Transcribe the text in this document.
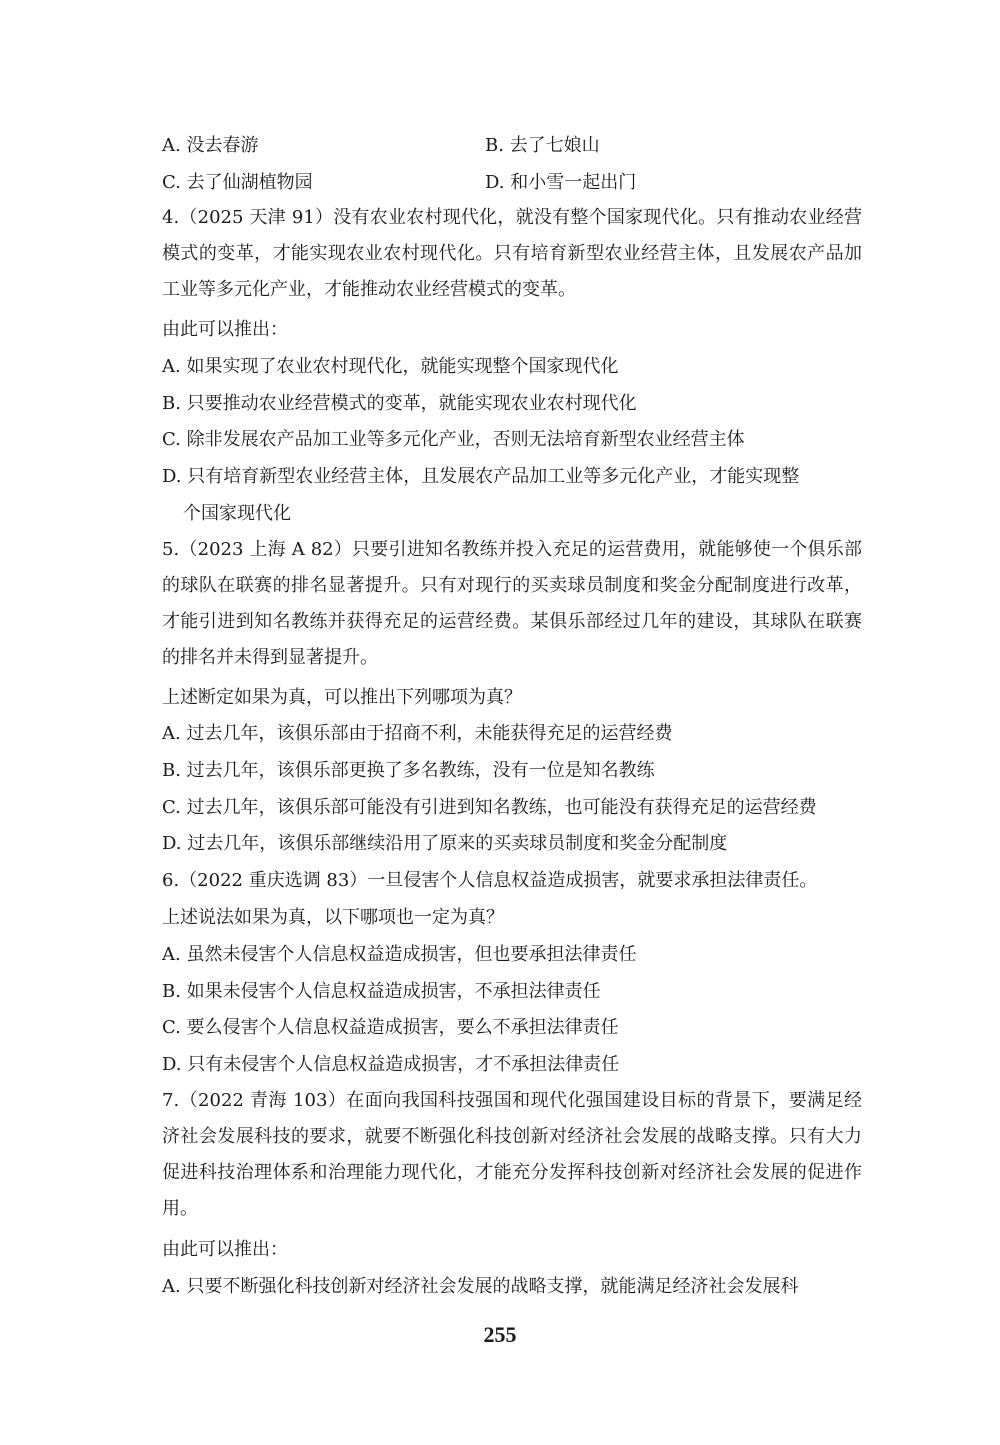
A. 没去春游	B. 去了七娘山
C. 去了仙湖植物园	D. 和小雪一起出门
4.（2025 天津 91）没有农业农村现代化，就没有整个国家现代化。只有推动农业经营模式的变革，才能实现农业农村现代化。只有培育新型农业经营主体，且发展农产品加工业等多元化产业，才能推动农业经营模式的变革。
由此可以推出：
A. 如果实现了农业农村现代化，就能实现整个国家现代化
B. 只要推动农业经营模式的变革，就能实现农业农村现代化
C. 除非发展农产品加工业等多元化产业，否则无法培育新型农业经营主体
D. 只有培育新型农业经营主体，且发展农产品加工业等多元化产业，才能实现整
个国家现代化
5.（2023 上海 A 82）只要引进知名教练并投入充足的运营费用，就能够使一个俱乐部的球队在联赛的排名显著提升。只有对现行的买卖球员制度和奖金分配制度进行改革，才能引进到知名教练并获得充足的运营经费。某俱乐部经过几年的建设，其球队在联赛的排名并未得到显著提升。
上述断定如果为真，可以推出下列哪项为真？
A. 过去几年，该俱乐部由于招商不利，未能获得充足的运营经费
B. 过去几年，该俱乐部更换了多名教练，没有一位是知名教练
C. 过去几年，该俱乐部可能没有引进到知名教练，也可能没有获得充足的运营经费
D. 过去几年，该俱乐部继续沿用了原来的买卖球员制度和奖金分配制度
6.（2022 重庆选调 83）一旦侵害个人信息权益造成损害，就要求承担法律责任。
上述说法如果为真，以下哪项也一定为真？
A. 虽然未侵害个人信息权益造成损害，但也要承担法律责任
B. 如果未侵害个人信息权益造成损害，不承担法律责任
C. 要么侵害个人信息权益造成损害，要么不承担法律责任
D. 只有未侵害个人信息权益造成损害，才不承担法律责任
7.（2022 青海 103）在面向我国科技强国和现代化强国建设目标的背景下，要满足经济社会发展科技的要求，就要不断强化科技创新对经济社会发展的战略支撑。只有大力促进科技治理体系和治理能力现代化，才能充分发挥科技创新对经济社会发展的促进作用。
由此可以推出：
A. 只要不断强化科技创新对经济社会发展的战略支撑，就能满足经济社会发展科
255
